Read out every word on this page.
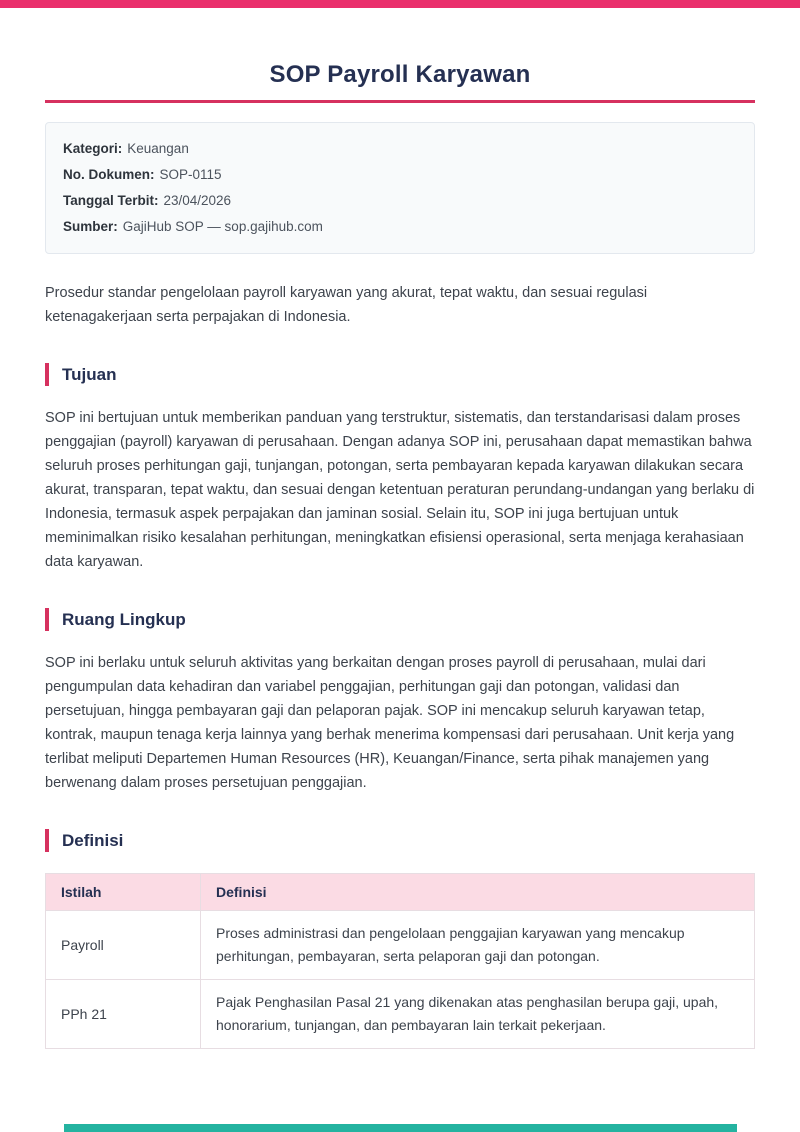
SOP Payroll Karyawan
Kategori: Keuangan
No. Dokumen: SOP-0115
Tanggal Terbit: 23/04/2026
Sumber: GajiHub SOP — sop.gajihub.com

Prosedur standar pengelolaan payroll karyawan yang akurat, tepat waktu, dan sesuai regulasi ketenagakerjaan serta perpajakan di Indonesia.

Tujuan

SOP ini bertujuan untuk memberikan panduan yang terstruktur, sistematis, dan terstandarisasi dalam proses penggajian (payroll) karyawan di perusahaan. Dengan adanya SOP ini, perusahaan dapat memastikan bahwa seluruh proses perhitungan gaji, tunjangan, potongan, serta pembayaran kepada karyawan dilakukan secara akurat, transparan, tepat waktu, dan sesuai dengan ketentuan peraturan perundang-undangan yang berlaku di Indonesia, termasuk aspek perpajakan dan jaminan sosial. Selain itu, SOP ini juga bertujuan untuk meminimalkan risiko kesalahan perhitungan, meningkatkan efisiensi operasional, serta menjaga kerahasiaan data karyawan.

Ruang Lingkup

SOP ini berlaku untuk seluruh aktivitas yang berkaitan dengan proses payroll di perusahaan, mulai dari pengumpulan data kehadiran dan variabel penggajian, perhitungan gaji dan potongan, validasi dan persetujuan, hingga pembayaran gaji dan pelaporan pajak. SOP ini mencakup seluruh karyawan tetap, kontrak, maupun tenaga kerja lainnya yang berhak menerima kompensasi dari perusahaan. Unit kerja yang terlibat meliputi Departemen Human Resources (HR), Keuangan/Finance, serta pihak manajemen yang berwenang dalam proses persetujuan penggajian.

Definisi
Istilah	Definisi
Payroll	Proses administrasi dan pengelolaan penggajian karyawan yang mencakup perhitungan, pembayaran, serta pelaporan gaji dan potongan.
PPh 21	Pajak Penghasilan Pasal 21 yang dikenakan atas penghasilan berupa gaji, upah, honorarium, tunjangan, dan pembayaran lain terkait pekerjaan.
